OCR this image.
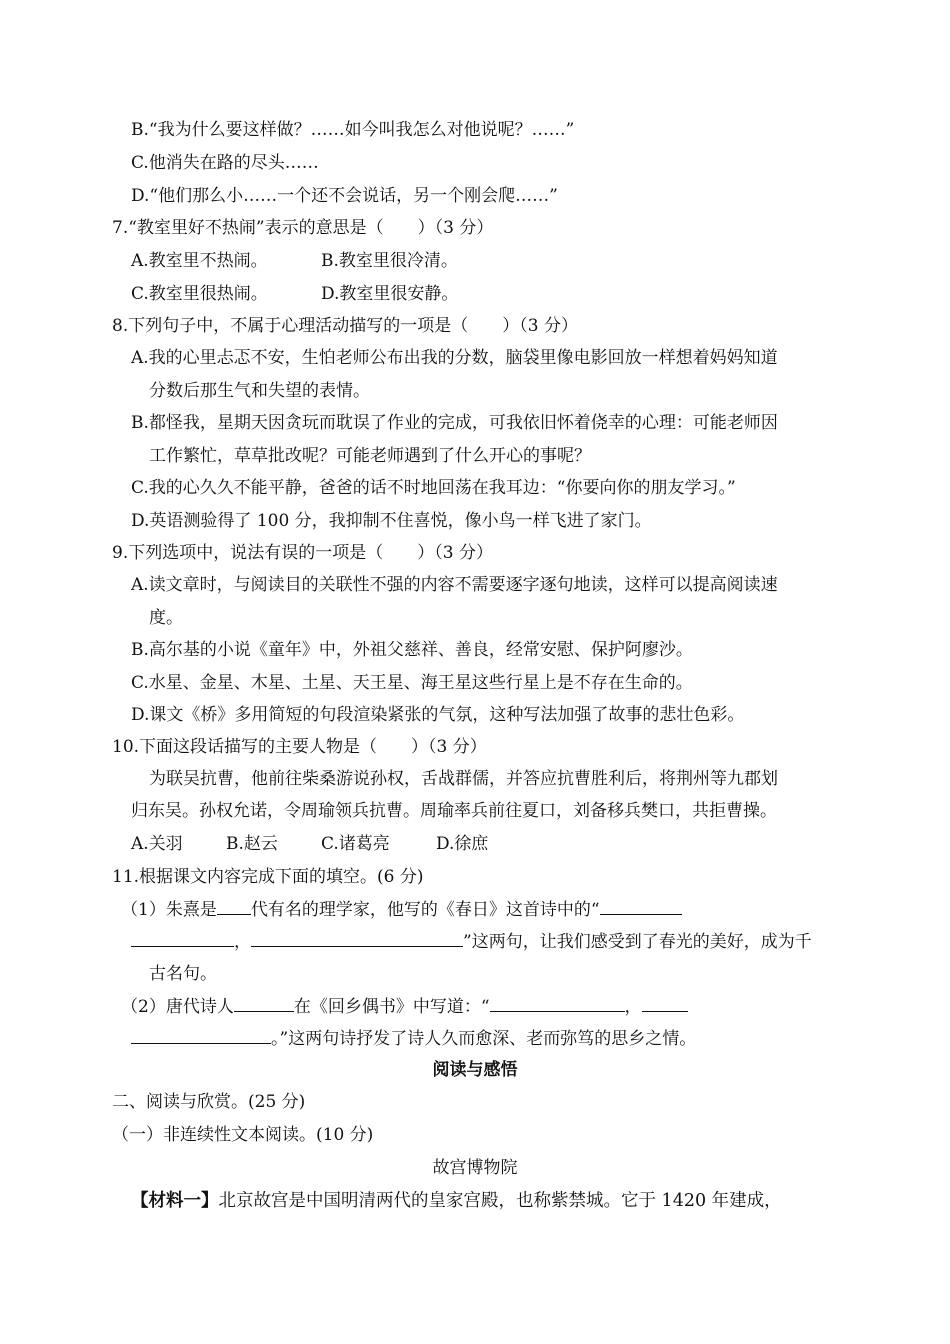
B.“我为什么要这样做？……如今叫我怎么对他说呢？……”
C.他消失在路的尽头……
D.“他们那么小……一个还不会说话，另一个刚会爬……”
7.“教室里好不热闹”表示的意思是（　　）（3 分）
A.教室里不热闹。	B.教室里很冷清。
C.教室里很热闹。	D.教室里很安静。
8.下列句子中，不属于心理活动描写的一项是（　　）（3 分）
A.我的心里忐忑不安，生怕老师公布出我的分数，脑袋里像电影回放一样想着妈妈知道
分数后那生气和失望的表情。
B.都怪我，星期天因贪玩而耽误了作业的完成，可我依旧怀着侥幸的心理：可能老师因
工作繁忙，草草批改呢？可能老师遇到了什么开心的事呢？
C.我的心久久不能平静，爸爸的话不时地回荡在我耳边：“你要向你的朋友学习。”
D.英语测验得了 100 分，我抑制不住喜悦，像小鸟一样飞进了家门。
9.下列选项中，说法有误的一项是（　　）（3 分）
A.读文章时，与阅读目的关联性不强的内容不需要逐字逐句地读，这样可以提高阅读速
度。
B.高尔基的小说《童年》中，外祖父慈祥、善良，经常安慰、保护阿廖沙。
C.水星、金星、木星、土星、天王星、海王星这些行星上是不存在生命的。
D.课文《桥》多用简短的句段渲染紧张的气氛，这种写法加强了故事的悲壮色彩。
10.下面这段话描写的主要人物是（　　）（3 分）
为联吴抗曹，他前往柴桑游说孙权，舌战群儒，并答应抗曹胜利后，将荆州等九郡划
归东吴。孙权允诺，令周瑜领兵抗曹。周瑜率兵前往夏口，刘备移兵樊口，共拒曹操。
A.关羽	B.赵云	C.诸葛亮	D.徐庶
11.根据课文内容完成下面的填空。(6 分)
（1）朱熹是 代有名的理学家，他写的《春日》这首诗中的“
，	”这两句，让我们感受到了春光的美好，成为千
古名句。
（2）唐代诗人	在《回乡偶书》中写道：“	，
。”这两句诗抒发了诗人久而愈深、老而弥笃的思乡之情。
阅读与感悟
二、阅读与欣赏。(25 分)
（一）非连续性文本阅读。(10 分)
故宫博物院
【材料一】北京故宫是中国明清两代的皇家宫殿，也称紫禁城。它于 1420 年建成，
